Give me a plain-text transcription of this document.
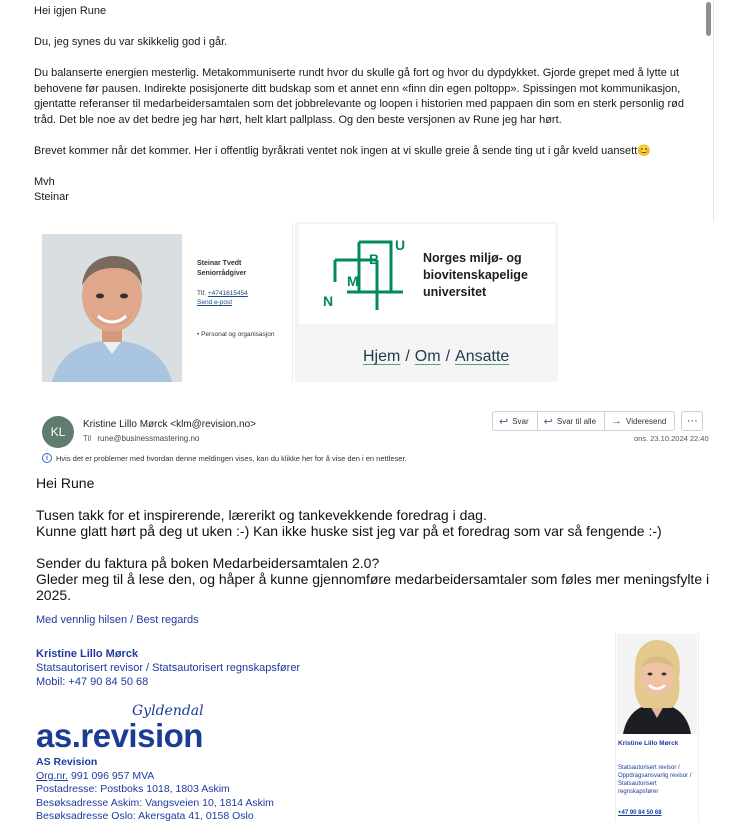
Hei igjen Rune

Du, jeg synes du var skikkelig god i går.

Du balanserte energien mesterlig. Metakommuniserte rundt hvor du skulle gå fort og hvor du dypdykket. Gjorde grepet med å lytte ut behovene før pausen. Indirekte posisjonerte ditt budskap som et annet enn «finn din egen poltopp». Spissingen mot kommunikasjon, gjentatte referanser til medarbeidersamtalen som det jobbrelevante og loopen i historien med pappaen din som en sterk personlig rød tråd. Det ble noe av det bedre jeg har hørt, helt klart pallplass. Og den beste versjonen av Rune jeg har hørt.

Brevet kommer når det kommer. Her i offentlig byråkrati ventet nok ingen at vi skulle greie å sende ting ut i går kveld uansett😊

Mvh

Steinar

Steinar Tvedt
Seniorrådgiver
Tlf. +4741615454
Send e-post
• Personal og organisasjon
B
U
M
N
Norges miljø- og
biovitenskapelige
universitet
Hjem / Om / Ansatte
KL
Kristine Lillo Mørck <klm@revision.no>
Til rune@businessmastering.no
↩ Svar ↩ Svar til alle → Videresend	···
ons. 23.10.2024 22:40
i	Hvis det er problemer med hvordan denne meldingen vises, kan du klikke her for å vise den i en nettleser.
Hei Rune
Tusen takk for et inspirerende, lærerikt og tankevekkende foredrag i dag.
Kunne glatt hørt på deg ut uken :-) Kan ikke huske sist jeg var på et foredrag som var så fengende :-)
Sender du faktura på boken Medarbeidersamtalen 2.0?
Gleder meg til å lese den, og håper å kunne gjennomføre medarbeidersamtaler som føles mer meningsfylte i 2025.
Med vennlig hilsen / Best regards
Kristine Lillo Mørck
Statsautorisert revisor / Statsautorisert regnskapsfører
Mobil: +47 90 84 50 68
Gyldendal
as.revision
AS Revision
Org.nr. 991 096 957 MVA
Postadresse: Postboks 1018, 1803 Askim
Besøksadresse Askim: Vangsveien 10, 1814 Askim
Besøksadresse Oslo: Akersgata 41, 0158 Oslo
Kristine Lillo Mørck
Statsautorisert revisor / Oppdragsansvarlig revisor / Statsautorisert regnskapsfører
+47 90 84 50 68
